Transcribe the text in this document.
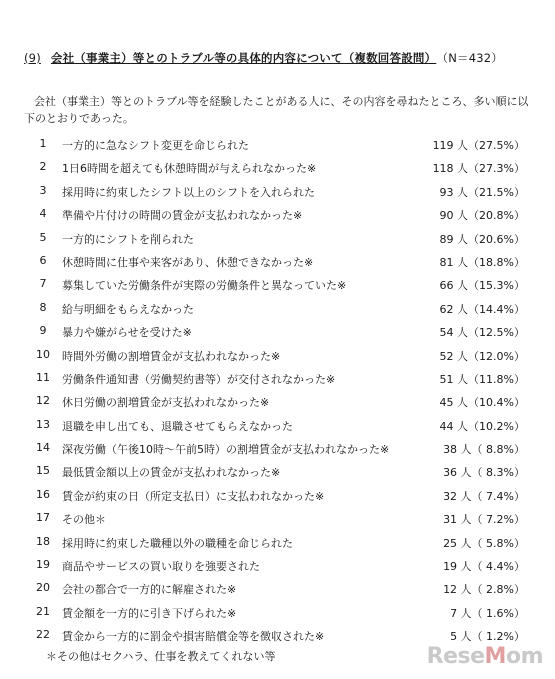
(9) 会社（事業主）等とのトラブル等の具体的内容について（複数回答設問） （N＝432）
会社（事業主）等とのトラブル等を経験したことがある人に、その内容を尋ねたところ、多い順に以下のとおりであった。
1	一方的に急なシフト変更を命じられた	119 人（27.5%）
2	1日6時間を超えても休憩時間が与えられなかった※	118 人（27.3%）
3	採用時に約束したシフト以上のシフトを入れられた	93 人（21.5%）
4	準備や片付けの時間の賃金が支払われなかった※	90 人（20.8%）
5	一方的にシフトを削られた	89 人（20.6%）
6	休憩時間に仕事や来客があり、休憩できなかった※	81 人（18.8%）
7	募集していた労働条件が実際の労働条件と異なっていた※	66 人（15.3%）
8	給与明細をもらえなかった	62 人（14.4%）
9	暴力や嫌がらせを受けた※	54 人（12.5%）
10 時間外労働の割増賃金が支払われなかった※	52 人（12.0%）
11 労働条件通知書（労働契約書等）が交付されなかった※	51 人（11.8%）
12 休日労働の割増賃金が支払われなかった※	45 人（10.4%）
13 退職を申し出ても、退職させてもらえなかった	44 人（10.2%）
14 深夜労働（午後10時～午前5時）の割増賃金が支払われなかった※	38 人（ 8.8%）
15 最低賃金額以上の賃金が支払われなかった※	36 人（ 8.3%）
16 賃金が約束の日（所定支払日）に支払われなかった※	32 人（ 7.4%）
17 その他＊	31 人（ 7.2%）
18 採用時に約束した職種以外の職種を命じられた	25 人（ 5.8%）
19 商品やサービスの買い取りを強要された	19 人（ 4.4%）
20 会社の都合で一方的に解雇された※	12 人（ 2.8%）
21 賃金額を一方的に引き下げられた※	7 人（ 1.6%）
22 賃金から一方的に罰金や損害賠償金等を徴収された※	5 人（ 1.2%）
＊その他はセクハラ、仕事を教えてくれない等	ReseMom
